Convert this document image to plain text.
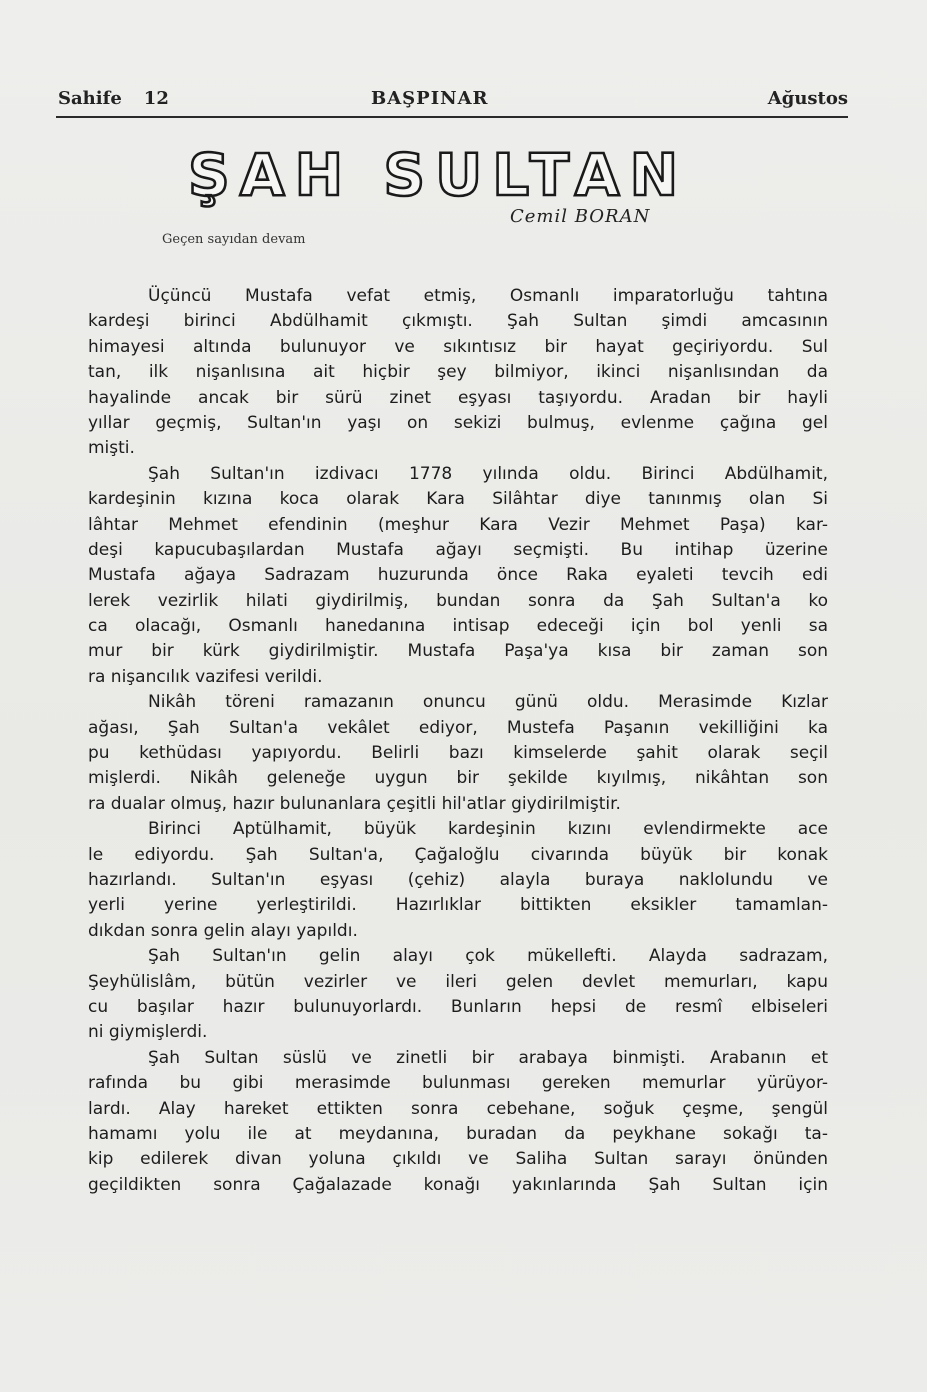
Sahife 12	BAŞPINAR	Ağustos
ŞAH SULTAN
Cemil BORAN
Geçen sayıdan devam
Üçüncü Mustafa vefat etmiş, Osmanlı imparatorluğu tahtına
kardeşi birinci Abdülhamit çıkmıştı. Şah Sultan şimdi amcasının
himayesi altında bulunuyor ve sıkıntısız bir hayat geçiriyordu. Sul
tan, ilk nişanlısına ait hiçbir şey bilmiyor, ikinci nişanlısından da
hayalinde ancak bir sürü zinet eşyası taşıyordu. Aradan bir hayli
yıllar geçmiş, Sultan'ın yaşı on sekizi bulmuş, evlenme çağına gel
mişti.
Şah Sultan'ın izdivacı 1778 yılında oldu. Birinci Abdülhamit,
kardeşinin kızına koca olarak Kara Silâhtar diye tanınmış olan Si
lâhtar Mehmet efendinin (meşhur Kara Vezir Mehmet Paşa) kar-
deşi kapucubaşılardan Mustafa ağayı seçmişti. Bu intihap üzerine
Mustafa ağaya Sadrazam huzurunda önce Raka eyaleti tevcih edi
lerek vezirlik hilati giydirilmiş, bundan sonra da Şah Sultan'a ko
ca olacağı, Osmanlı hanedanına intisap edeceği için bol yenli sa
mur bir kürk giydirilmiştir. Mustafa Paşa'ya kısa bir zaman son
ra nişancılık vazifesi verildi.
Nikâh töreni ramazanın onuncu günü oldu. Merasimde Kızlar
ağası, Şah Sultan'a vekâlet ediyor, Mustefa Paşanın vekilliğini ka
pu kethüdası yapıyordu. Belirli bazı kimselerde şahit olarak seçil
mişlerdi. Nikâh geleneğe uygun bir şekilde kıyılmış, nikâhtan son
ra dualar olmuş, hazır bulunanlara çeşitli hil'atlar giydirilmiştir.
Birinci Aptülhamit, büyük kardeşinin kızını evlendirmekte ace
le ediyordu. Şah Sultan'a, Çağaloğlu civarında büyük bir konak
hazırlandı. Sultan'ın eşyası (çehiz) alayla buraya nakloIundu ve
yerli yerine yerleştirildi. Hazırlıklar bittikten eksikler tamamlan-
dıkdan sonra gelin alayı yapıldı.
Şah Sultan'ın gelin alayı çok mükellefti. Alayda sadrazam,
Şeyhülislâm, bütün vezirler ve ileri gelen devlet memurları, kapu
cu başılar hazır bulunuyorlardı. Bunların hepsi de resmî elbiseleri
ni giymişlerdi.
Şah Sultan süslü ve zinetli bir arabaya binmişti. Arabanın et
rafında bu gibi merasimde bulunması gereken memurlar yürüyor-
lardı. Alay hareket ettikten sonra cebehane, soğuk çeşme, şengül
hamamı yolu ile at meydanına, buradan da peykhane sokağı ta-
kip edilerek divan yoluna çıkıldı ve Saliha Sultan sarayı önünden
geçildikten sonra Çağalazade konağı yakınlarında Şah Sultan için
